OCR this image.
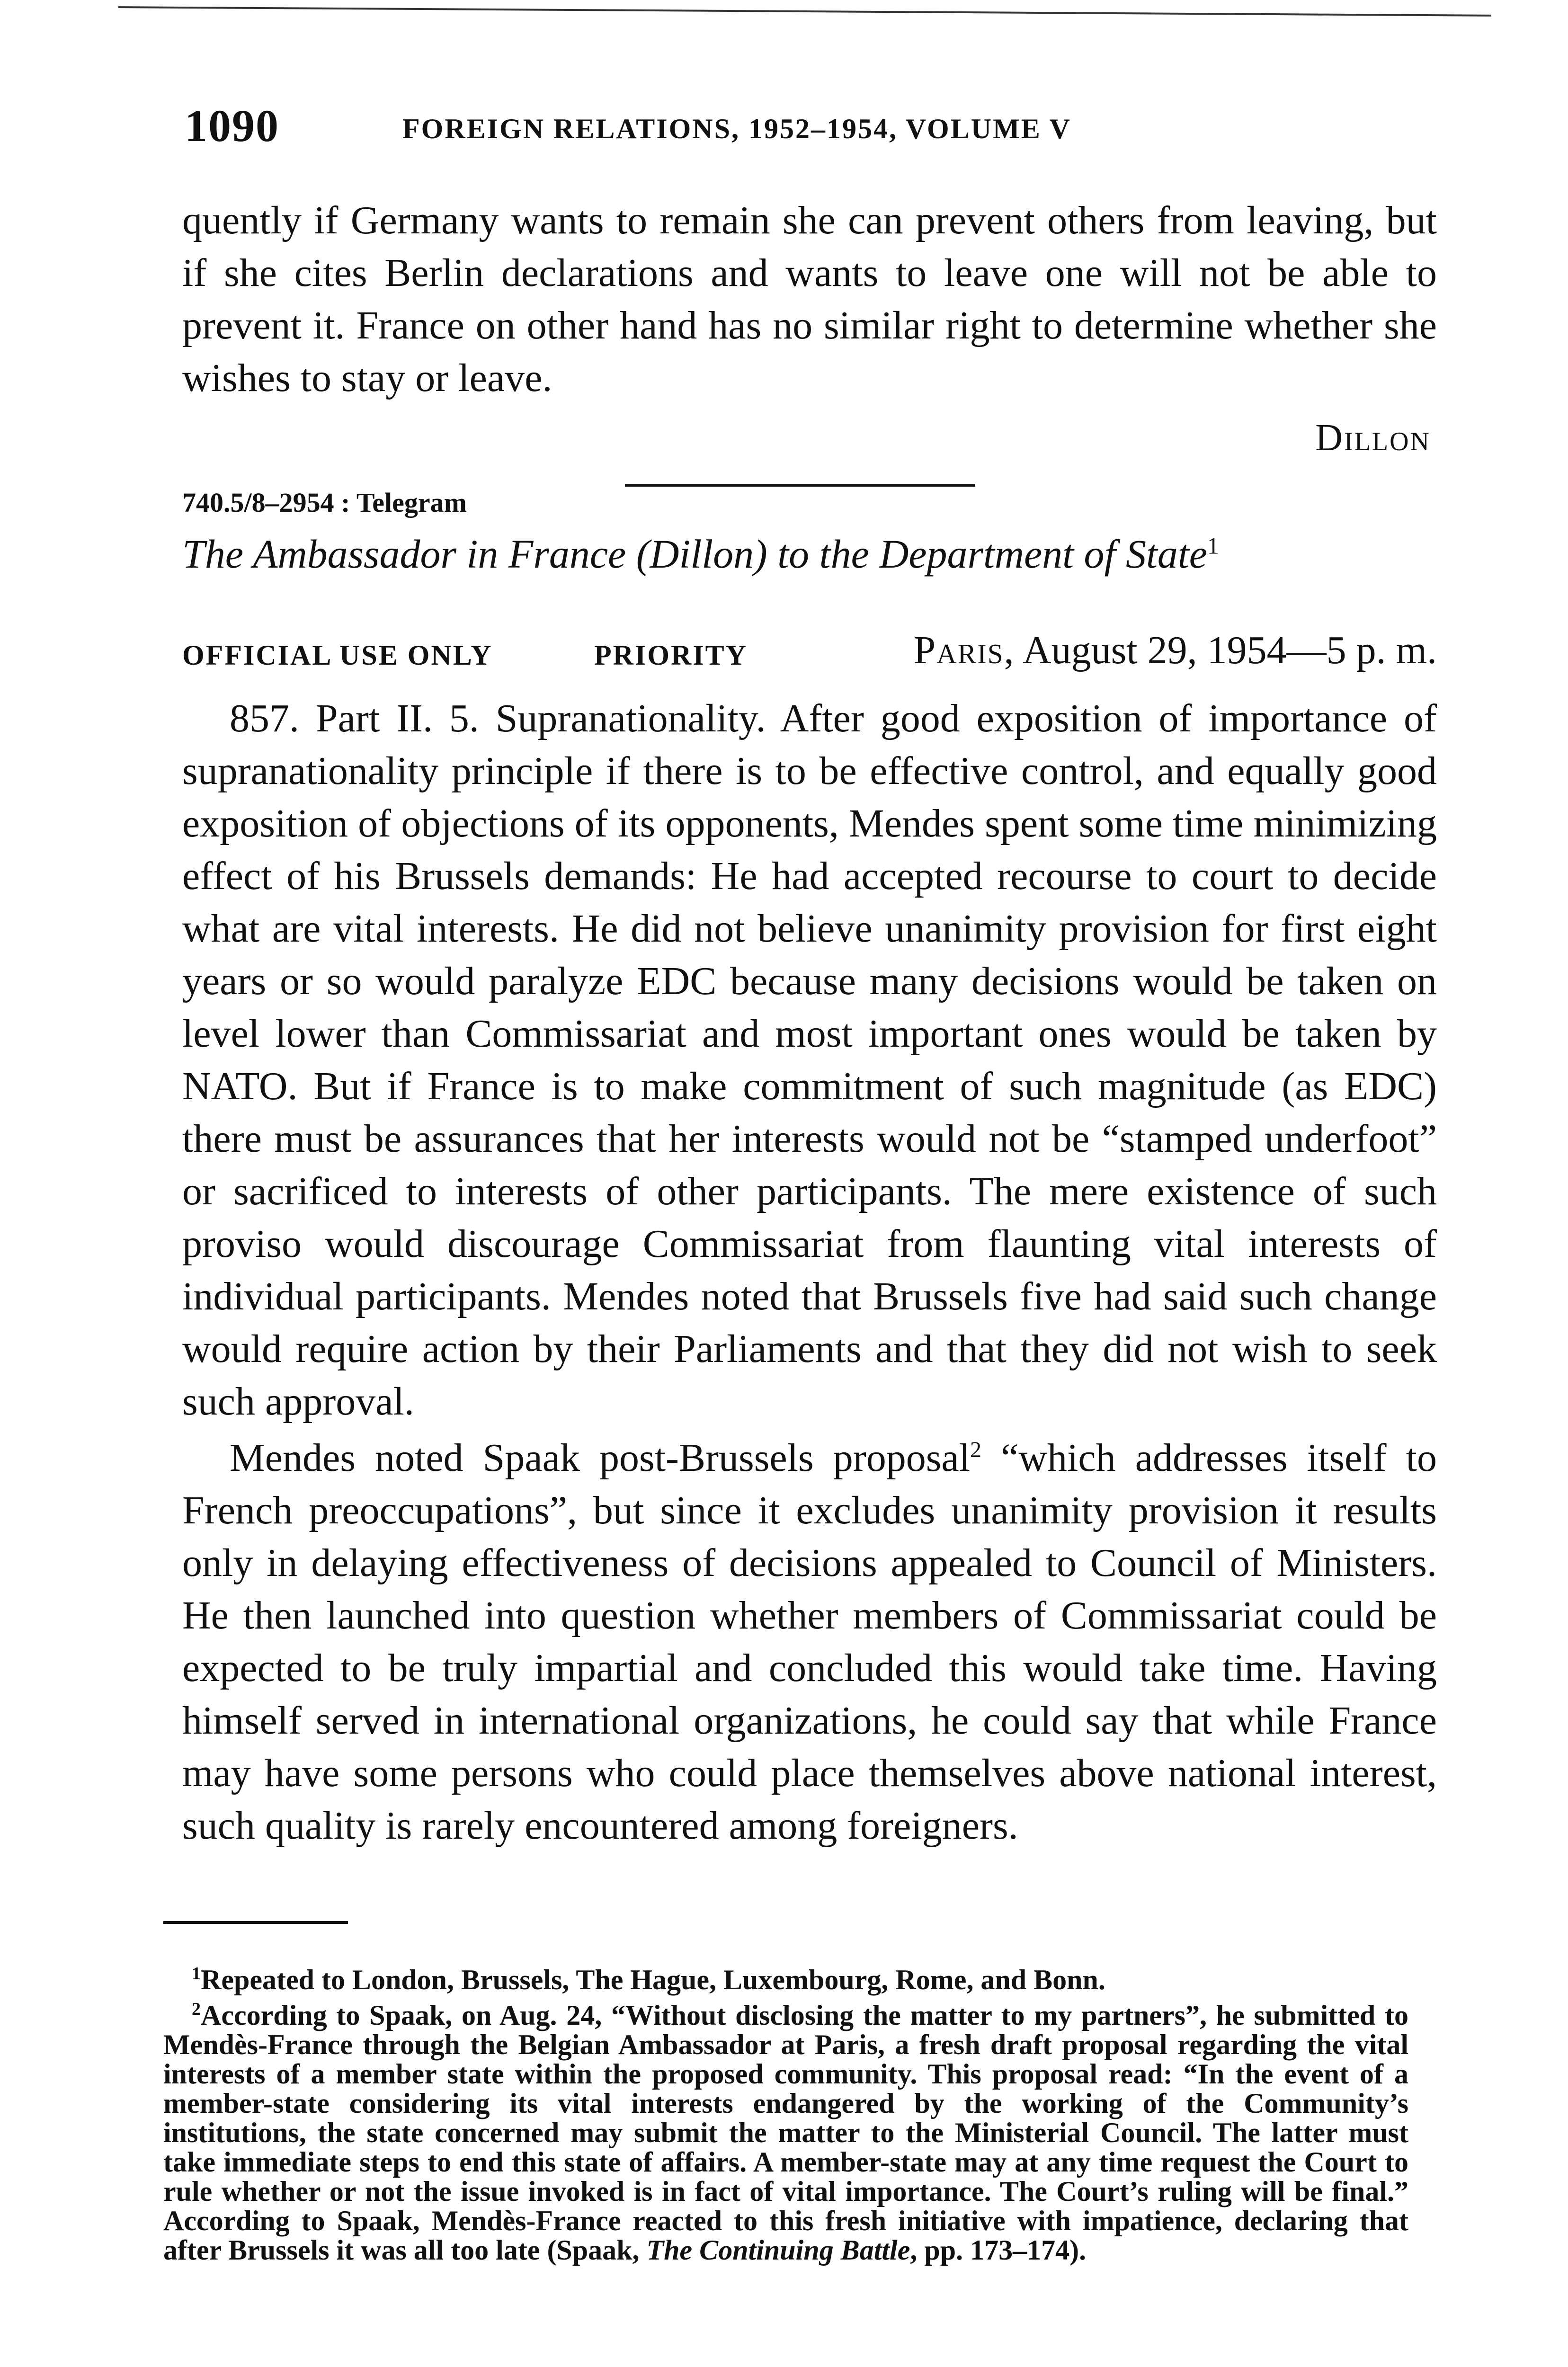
1090	FOREIGN RELATIONS, 1952–1954, VOLUME V

quently if Germany wants to remain she can prevent others from leaving, but if she cites Berlin declarations and wants to leave one will not be able to prevent it. France on other hand has no similar right to determine whether she wishes to stay or leave.

Dillon
740.5/8–2954 : Telegram
The Ambassador in France (Dillon) to the Department of State$^1$
OFFICIAL USE ONLY	PRIORITY	Paris, August 29, 1954—5 p. m.

857. Part II. 5. Supranationality. After good exposition of importance of supranationality principle if there is to be effective control, and equally good exposition of objections of its opponents, Mendes spent some time minimizing effect of his Brussels demands: He had accepted recourse to court to decide what are vital interests. He did not believe unanimity provision for first eight years or so would paralyze EDC because many decisions would be taken on level lower than Commissariat and most important ones would be taken by NATO. But if France is to make commitment of such magnitude (as EDC) there must be assurances that her interests would not be “stamped underfoot” or sacrificed to interests of other participants. The mere existence of such proviso would discourage Commissariat from flaunting vital interests of individual participants. Mendes noted that Brussels five had said such change would require action by their Parliaments and that they did not wish to seek such approval.

Mendes noted Spaak post-Brussels proposal$^2$ “which addresses itself to French preoccupations”, but since it excludes unanimity provision it results only in delaying effectiveness of decisions appealed to Council of Ministers. He then launched into question whether members of Commissariat could be expected to be truly impartial and concluded this would take time. Having himself served in international organizations, he could say that while France may have some persons who could place themselves above national interest, such quality is rarely encountered among foreigners.

$^1$Repeated to London, Brussels, The Hague, Luxembourg, Rome, and Bonn.

$^2$According to Spaak, on Aug. 24, “Without disclosing the matter to my partners”, he submitted to Mendès-France through the Belgian Ambassador at Paris, a fresh draft proposal regarding the vital interests of a member state within the proposed community. This proposal read: “In the event of a member-state considering its vital interests endangered by the working of the Community’s institutions, the state concerned may submit the matter to the Ministerial Council. The latter must take immediate steps to end this state of affairs. A member-state may at any time request the Court to rule whether or not the issue invoked is in fact of vital importance. The Court’s ruling will be final.” According to Spaak, Mendès-France reacted to this fresh initiative with impatience, declaring that after Brussels it was all too late (Spaak, The Continuing Battle, pp. 173–174).
